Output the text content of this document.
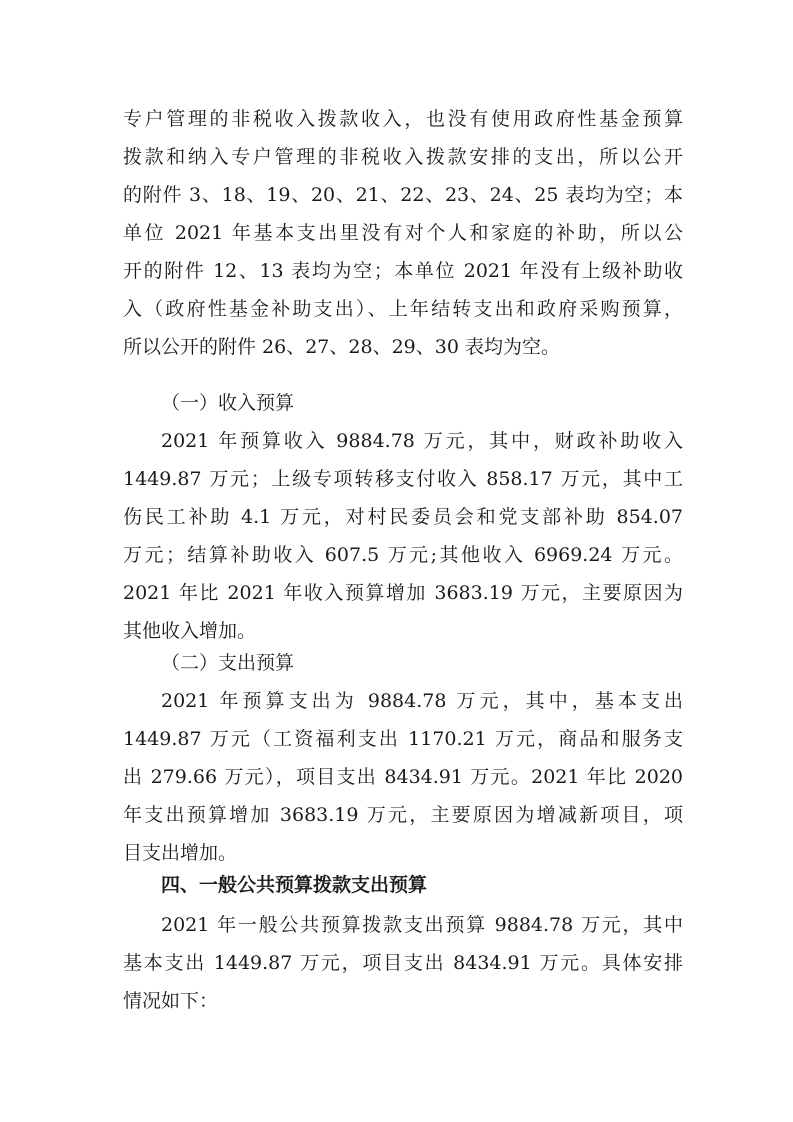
专户管理的非税收入拨款收入，也没有使用政府性基金预算
拨款和纳入专户管理的非税收入拨款安排的支出，所以公开
的附件 3、18、19、20、21、22、23、24、25 表均为空；本
单位 2021 年基本支出里没有对个人和家庭的补助，所以公
开的附件 12、13 表均为空；本单位 2021 年没有上级补助收
入（政府性基金补助支出）、上年结转支出和政府采购预算，
所以公开的附件 26、27、28、29、30 表均为空。
（一）收入预算
2021 年预算收入 9884.78 万元，其中，财政补助收入
1449.87 万元；上级专项转移支付收入 858.17 万元，其中工
伤民工补助 4.1 万元，对村民委员会和党支部补助 854.07
万元；结算补助收入 607.5 万元;其他收入 6969.24 万元。
2021 年比 2021 年收入预算增加 3683.19 万元，主要原因为
其他收入增加。
（二）支出预算
2021 年预算支出为 9884.78 万元，其中，基本支出
1449.87 万元（工资福利支出 1170.21 万元，商品和服务支
出 279.66 万元），项目支出 8434.91 万元。2021 年比 2020
年支出预算增加 3683.19 万元，主要原因为增减新项目，项
目支出增加。
四、一般公共预算拨款支出预算
2021 年一般公共预算拨款支出预算 9884.78 万元，其中
基本支出 1449.87 万元，项目支出 8434.91 万元。具体安排
情况如下：
